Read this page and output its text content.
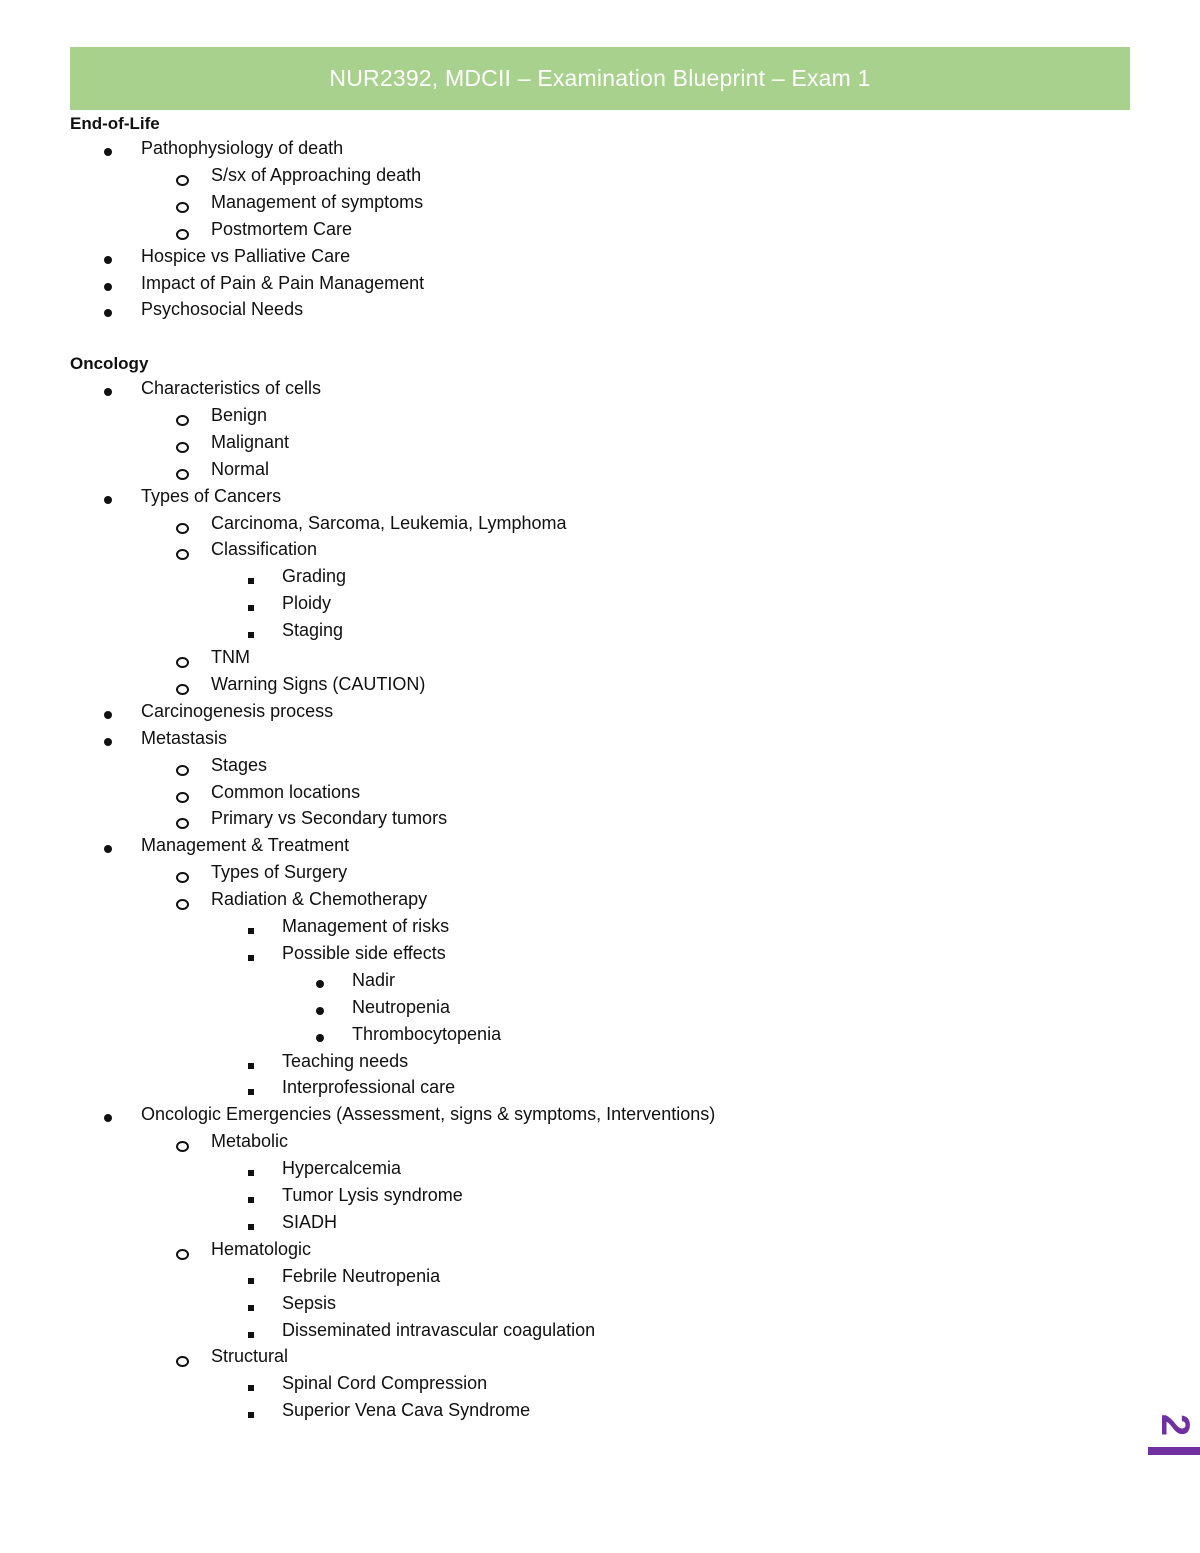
NUR2392, MDCII – Examination Blueprint – Exam 1
End-of-Life
Pathophysiology of death
S/sx of Approaching death
Management of symptoms
Postmortem Care
Hospice vs Palliative Care
Impact of Pain & Pain Management
Psychosocial Needs
Oncology
Characteristics of cells
Benign
Malignant
Normal
Types of Cancers
Carcinoma, Sarcoma, Leukemia, Lymphoma
Classification
Grading
Ploidy
Staging
TNM
Warning Signs (CAUTION)
Carcinogenesis process
Metastasis
Stages
Common locations
Primary vs Secondary tumors
Management & Treatment
Types of Surgery
Radiation & Chemotherapy
Management of risks
Possible side effects
Nadir
Neutropenia
Thrombocytopenia
Teaching needs
Interprofessional care
Oncologic Emergencies (Assessment, signs & symptoms, Interventions)
Metabolic
Hypercalcemia
Tumor Lysis syndrome
SIADH
Hematologic
Febrile Neutropenia
Sepsis
Disseminated intravascular coagulation
Structural
Spinal Cord Compression
Superior Vena Cava Syndrome
2
